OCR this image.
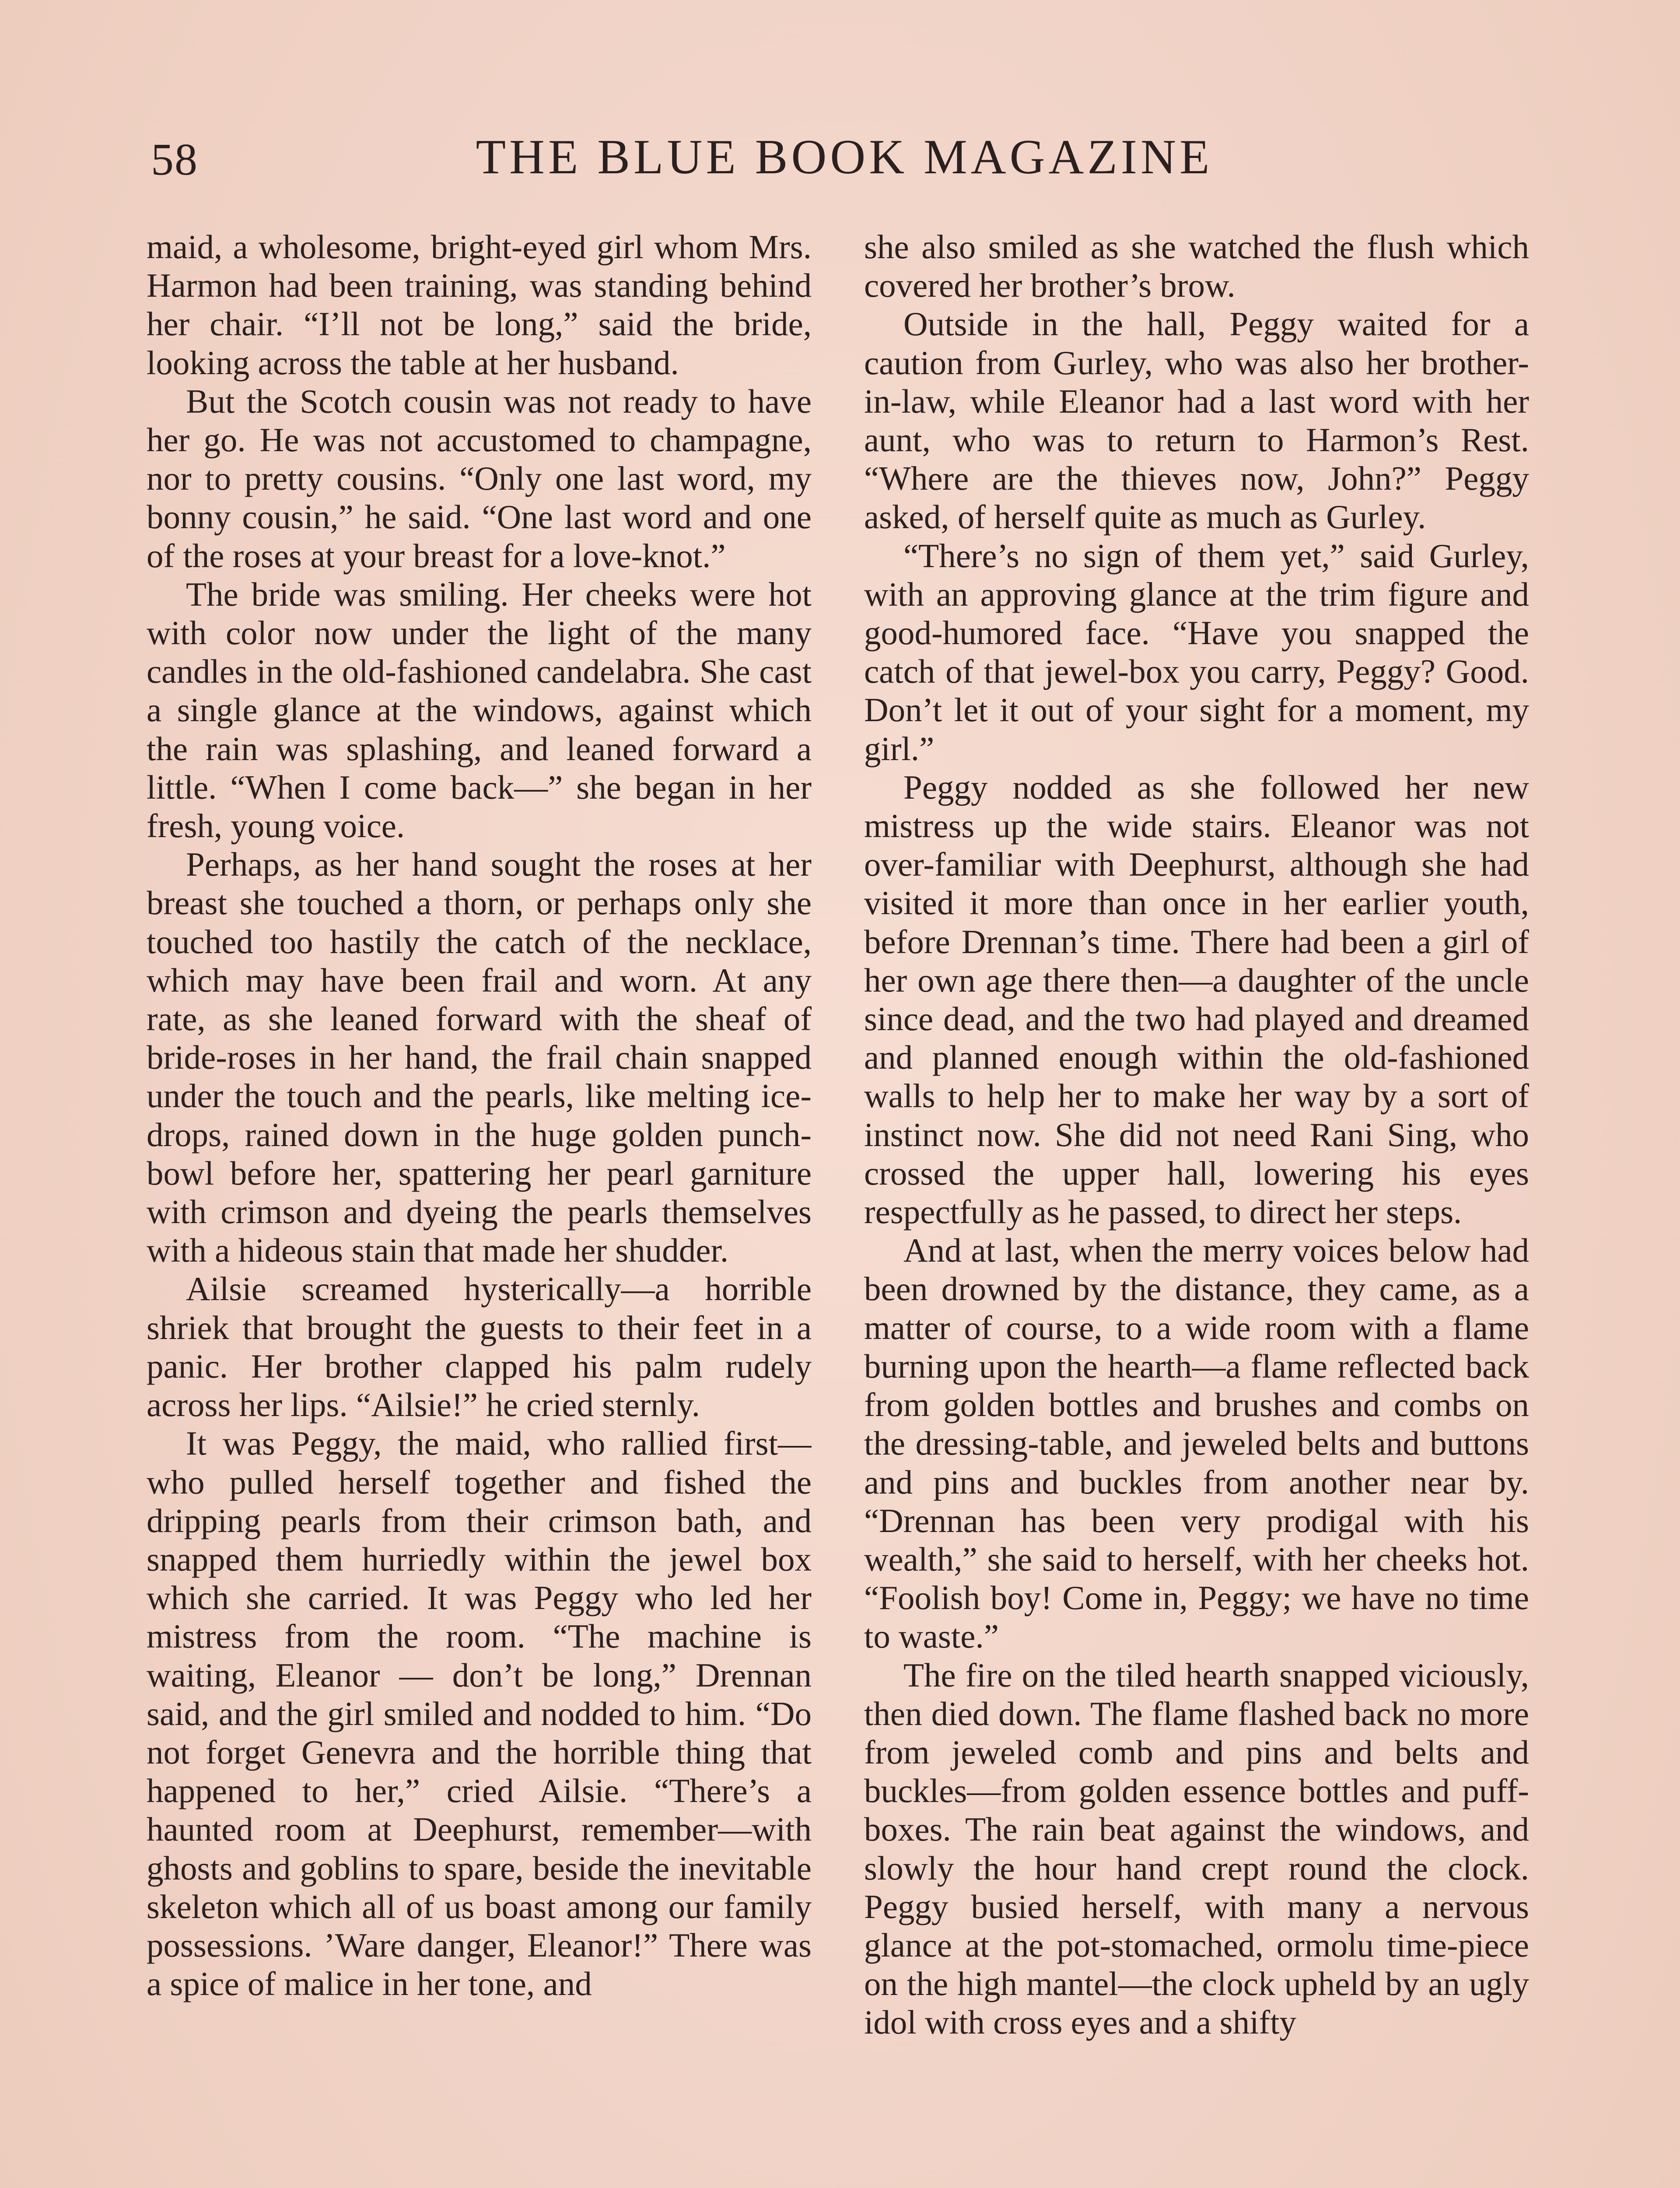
58	THE BLUE BOOK MAGAZINE

maid, a wholesome, bright-eyed girl whom Mrs. Harmon had been training, was standing behind her chair. “I’ll not be long,” said the bride, looking across the table at her husband.

But the Scotch cousin was not ready to have her go. He was not accustomed to champagne, nor to pretty cousins. “Only one last word, my bonny cousin,” he said. “One last word and one of the roses at your breast for a love-knot.”

The bride was smiling. Her cheeks were hot with color now under the light of the many candles in the old-fashioned candelabra. She cast a single glance at the windows, against which the rain was splashing, and leaned forward a little. “When I come back—” she began in her fresh, young voice.

Perhaps, as her hand sought the roses at her breast she touched a thorn, or perhaps only she touched too hastily the catch of the necklace, which may have been frail and worn. At any rate, as she leaned forward with the sheaf of bride-roses in her hand, the frail chain snapped under the touch and the pearls, like melting ice-drops, rained down in the huge golden punch-bowl before her, spattering her pearl garniture with crimson and dyeing the pearls themselves with a hideous stain that made her shudder.

Ailsie screamed hysterically—a horrible shriek that brought the guests to their feet in a panic. Her brother clapped his palm rudely across her lips. “Ailsie!” he cried sternly.

It was Peggy, the maid, who rallied first—who pulled herself together and fished the dripping pearls from their crimson bath, and snapped them hurriedly within the jewel box which she carried. It was Peggy who led her mistress from the room. “The machine is waiting, Eleanor — don’t be long,” Drennan said, and the girl smiled and nodded to him. “Do not forget Genevra and the horrible thing that happened to her,” cried Ailsie. “There’s a haunted room at Deephurst, remember—with ghosts and goblins to spare, beside the inevitable skeleton which all of us boast among our family possessions. ’Ware danger, Eleanor!” There was a spice of malice in her tone, and

she also smiled as she watched the flush which covered her brother’s brow.

Outside in the hall, Peggy waited for a caution from Gurley, who was also her brother-in-law, while Eleanor had a last word with her aunt, who was to return to Harmon’s Rest. “Where are the thieves now, John?” Peggy asked, of herself quite as much as Gurley.

“There’s no sign of them yet,” said Gurley, with an approving glance at the trim figure and good-humored face. “Have you snapped the catch of that jewel-box you carry, Peggy? Good. Don’t let it out of your sight for a moment, my girl.”

Peggy nodded as she followed her new mistress up the wide stairs. Eleanor was not over-familiar with Deephurst, although she had visited it more than once in her earlier youth, before Drennan’s time. There had been a girl of her own age there then—a daughter of the uncle since dead, and the two had played and dreamed and planned enough within the old-fashioned walls to help her to make her way by a sort of instinct now. She did not need Rani Sing, who crossed the upper hall, lowering his eyes respectfully as he passed, to direct her steps.

And at last, when the merry voices below had been drowned by the distance, they came, as a matter of course, to a wide room with a flame burning upon the hearth—a flame reflected back from golden bottles and brushes and combs on the dressing-table, and jeweled belts and buttons and pins and buckles from another near by. “Drennan has been very prodigal with his wealth,” she said to herself, with her cheeks hot. “Foolish boy! Come in, Peggy; we have no time to waste.”

The fire on the tiled hearth snapped viciously, then died down. The flame flashed back no more from jeweled comb and pins and belts and buckles—from golden essence bottles and puff-boxes. The rain beat against the windows, and slowly the hour hand crept round the clock. Peggy busied herself, with many a nervous glance at the pot-stomached, ormolu time-piece on the high mantel—the clock upheld by an ugly idol with cross eyes and a shifty
